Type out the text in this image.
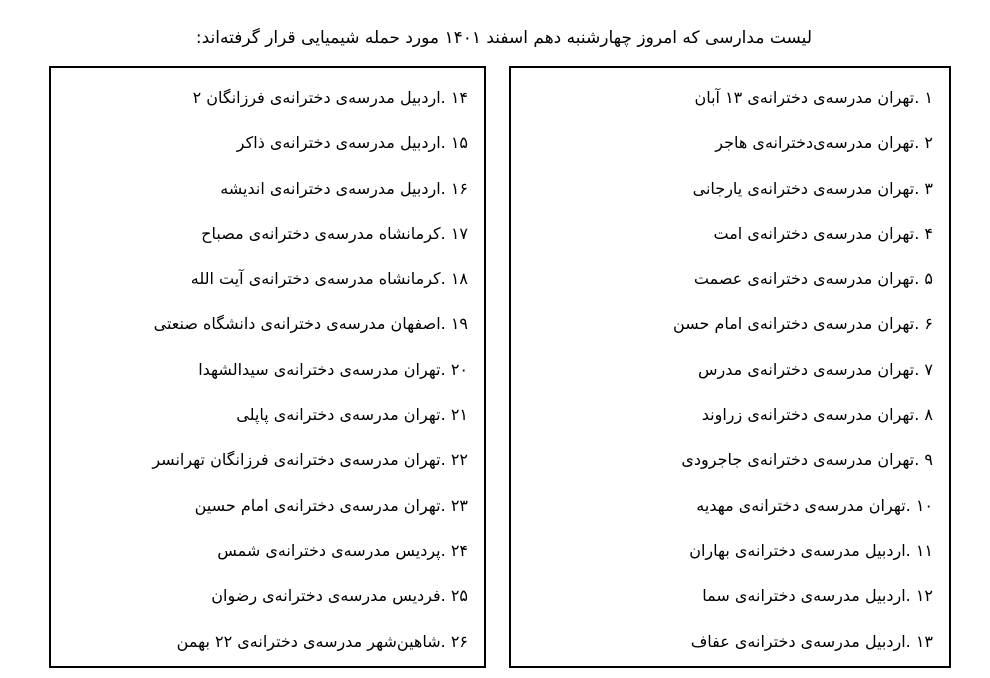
لیست مدارسی که امروز چهارشنبه دهم اسفند ۱۴۰۱ مورد حمله شیمیایی قرار گرفته‌اند:
۱ .تهران مدرسه‌ی دخترانه‌ی ۱۳ آبان
۲ .تهران مدرسه‌ی‌دخترانه‌ی هاجر
۳ .تهران مدرسه‌ی دخترانه‌ی یارجانی
۴ .تهران مدرسه‌ی دخترانه‌ی امت
۵ .تهران مدرسه‌ی دخترانه‌ی عصمت
۶ .تهران مدرسه‌ی دخترانه‌ی امام حسن
۷ .تهران مدرسه‌ی دخترانه‌ی مدرس
۸ .تهران مدرسه‌ی دخترانه‌ی زراوند
۹ .تهران مدرسه‌ی دخترانه‌ی جاجرودی
۱۰ .تهران مدرسه‌ی دخترانه‌ی مهدیه
۱۱ .اردبیل مدرسه‌ی دخترانه‌ی بهاران
۱۲ .اردبیل مدرسه‌ی دخترانه‌ی سما
۱۳ .اردبیل مدرسه‌ی دخترانه‌ی عفاف
۱۴ .اردبیل مدرسه‌ی دخترانه‌ی فرزانگان ۲
۱۵ .اردبیل مدرسه‌ی دخترانه‌ی ذاکر
۱۶ .اردبیل مدرسه‌ی دخترانه‌ی اندیشه
۱۷ .کرمانشاه مدرسه‌ی دخترانه‌ی مصباح
۱۸ .کرمانشاه مدرسه‌ی دخترانه‌ی آیت الله
۱۹ .اصفهان مدرسه‌ی دخترانه‌ی دانشگاه صنعتی
۲۰ .تهران مدرسه‌ی دخترانه‌ی سیدالشهدا
۲۱ .تهران مدرسه‌ی دخترانه‌ی پاپلی
۲۲ .تهران مدرسه‌ی دخترانه‌ی فرزانگان تهرانسر
۲۳ .تهران مدرسه‌ی دخترانه‌ی امام حسین
۲۴ .پردیس مدرسه‌ی دخترانه‌ی شمس
۲۵ .فردیس مدرسه‌ی دخترانه‌ی رضوان
۲۶ .شاهین‌شهر مدرسه‌ی دخترانه‌ی ۲۲ بهمن
